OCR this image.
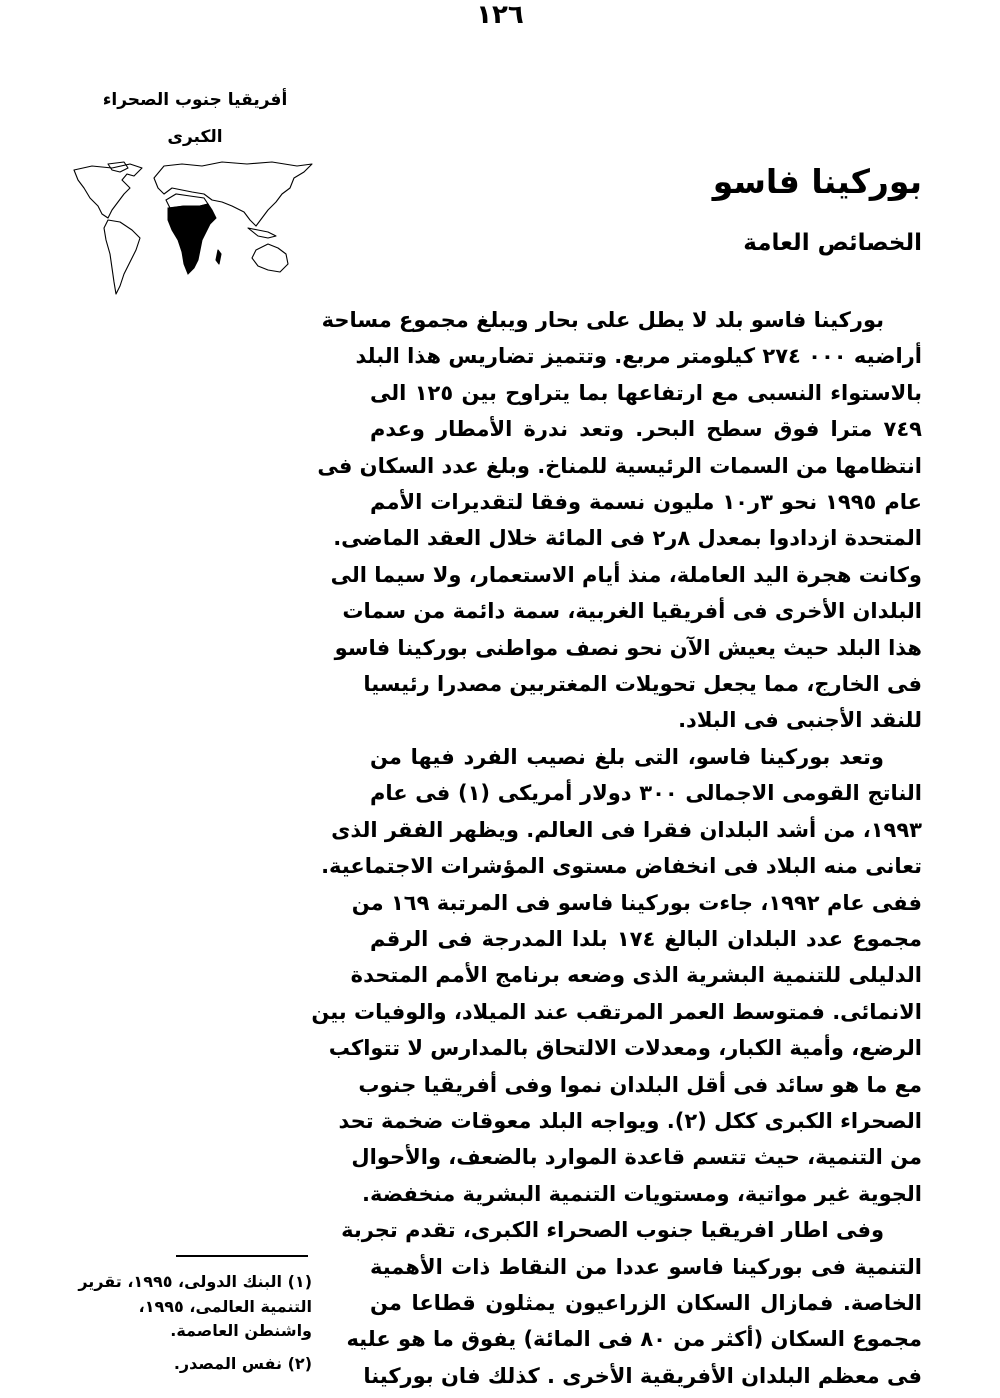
١٢٦
أفريقيا جنوب الصحراء
الكبرى
بوركينا فاسو
الخصائص العامة
بوركينا فاسو بلد لا يطل على بحار ويبلغ مجموع مساحة
أراضيه ٠٠٠ ٢٧٤ كيلومتر مربع. وتتميز تضاريس هذا البلد
بالاستواء النسبى مع ارتفاعها بما يتراوح بين ١٢٥ الى
٧٤٩ مترا فوق سطح البحر. وتعد ندرة الأمطار وعدم
انتظامها من السمات الرئيسية للمناخ. وبلغ عدد السكان فى
عام ١٩٩٥ نحو ٣ر١٠ مليون نسمة وفقا لتقديرات الأمم
المتحدة ازدادوا بمعدل ٨ر٢ فى المائة خلال العقد الماضى.
وكانت هجرة اليد العاملة، منذ أيام الاستعمار، ولا سيما الى
البلدان الأخرى فى أفريقيا الغربية، سمة دائمة من سمات
هذا البلد حيث يعيش الآن نحو نصف مواطنى بوركينا فاسو
فى الخارج، مما يجعل تحويلات المغتربين مصدرا رئيسيا
للنقد الأجنبى فى البلاد.
وتعد بوركينا فاسو، التى بلغ نصيب الفرد فيها من
الناتج القومى الاجمالى ٣٠٠ دولار أمريكى (١) فى عام
١٩٩٣، من أشد البلدان فقرا فى العالم. ويظهر الفقر الذى
تعانى منه البلاد فى انخفاض مستوى المؤشرات الاجتماعية.
ففى عام ١٩٩٢، جاءت بوركينا فاسو فى المرتبة ١٦٩ من
مجموع عدد البلدان البالغ ١٧٤ بلدا المدرجة فى الرقم
الدليلى للتنمية البشرية الذى وضعه برنامج الأمم المتحدة
الانمائى. فمتوسط العمر المرتقب عند الميلاد، والوفيات بين
الرضع، وأمية الكبار، ومعدلات الالتحاق بالمدارس لا تتواكب
مع ما هو سائد فى أقل البلدان نموا وفى أفريقيا جنوب
الصحراء الكبرى ككل (٢). ويواجه البلد معوقات ضخمة تحد
من التنمية، حيث تتسم قاعدة الموارد بالضعف، والأحوال
الجوية غير مواتية، ومستويات التنمية البشرية منخفضة.
وفى اطار افريقيا جنوب الصحراء الكبرى، تقدم تجربة
التنمية فى بوركينا فاسو عددا من النقاط ذات الأهمية
الخاصة. فمازال السكان الزراعيون يمثلون قطاعا من
مجموع السكان (أكثر من ٨٠ فى المائة) يفوق ما هو عليه
فى معظم البلدان الأفريقية الأخرى . كذلك فان بوركينا
(١) البنك الدولى، ١٩٩٥، تقرير التنمية العالمى، ١٩٩٥، واشنطن العاصمة.
(٢) نفس المصدر.
